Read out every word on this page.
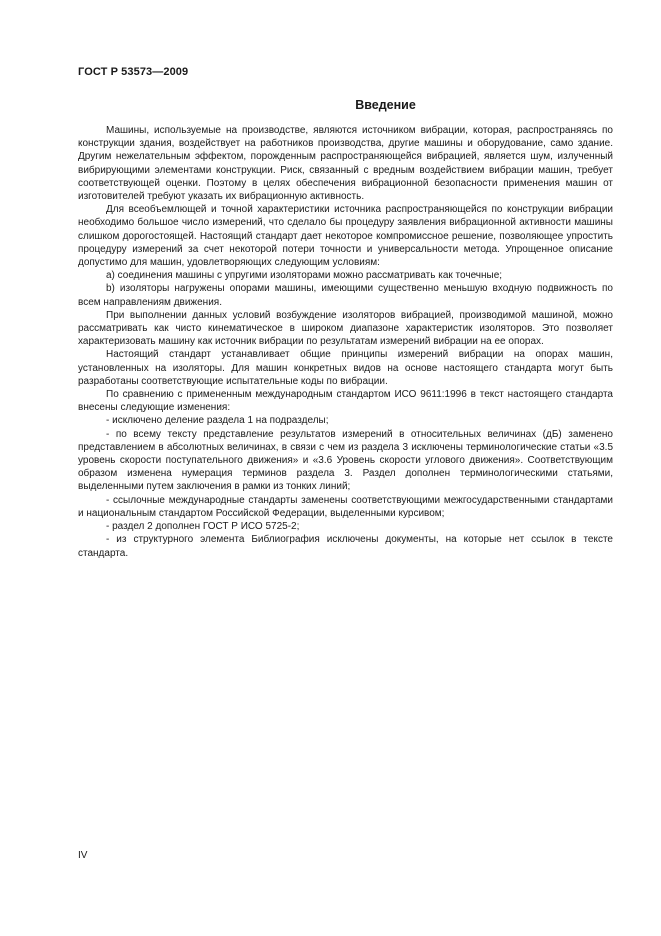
ГОСТ Р 53573—2009
Введение

Машины, используемые на производстве, являются источником вибрации, которая, распространяясь по конструкции здания, воздействует на работников производства, другие машины и оборудование, само здание. Другим нежелательным эффектом, порожденным распространяющейся вибрацией, является шум, излученный вибрирующими элементами конструкции. Риск, связанный с вредным воздействием вибрации машин, требует соответствующей оценки. Поэтому в целях обеспечения вибрационной безопасности применения машин от изготовителей требуют указать их вибрационную активность.

Для всеобъемлющей и точной характеристики источника распространяющейся по конструкции вибрации необходимо большое число измерений, что сделало бы процедуру заявления вибрационной активности машины слишком дорогостоящей. Настоящий стандарт дает некоторое компромиссное решение, позволяющее упростить процедуру измерений за счет некоторой потери точности и универсальности метода. Упрощенное описание допустимо для машин, удовлетворяющих следующим условиям:

а) соединения машины с упругими изоляторами можно рассматривать как точечные;

b) изоляторы нагружены опорами машины, имеющими существенно меньшую входную подвижность по всем направлениям движения.

При выполнении данных условий возбуждение изоляторов вибрацией, производимой машиной, можно рассматривать как чисто кинематическое в широком диапазоне характеристик изоляторов. Это позволяет характеризовать машину как источник вибрации по результатам измерений вибрации на ее опорах.

Настоящий стандарт устанавливает общие принципы измерений вибрации на опорах машин, установленных на изоляторы. Для машин конкретных видов на основе настоящего стандарта могут быть разработаны соответствующие испытательные коды по вибрации.

По сравнению с примененным международным стандартом ИСО 9611:1996 в текст настоящего стандарта внесены следующие изменения:

- исключено деление раздела 1 на подразделы;

- по всему тексту представление результатов измерений в относительных величинах (дБ) заменено представлением в абсолютных величинах, в связи с чем из раздела 3 исключены терминологические статьи «3.5 уровень скорости поступательного движения» и «3.6 Уровень скорости углового движения». Соответствующим образом изменена нумерация терминов раздела 3. Раздел дополнен терминологическими статьями, выделенными путем заключения в рамки из тонких линий;

- ссылочные международные стандарты заменены соответствующими межгосударственными стандартами и национальным стандартом Российской Федерации, выделенными курсивом;

- раздел 2 дополнен ГОСТ Р ИСО 5725-2;

- из структурного элемента Библиография исключены документы, на которые нет ссылок в тексте стандарта.

IV
